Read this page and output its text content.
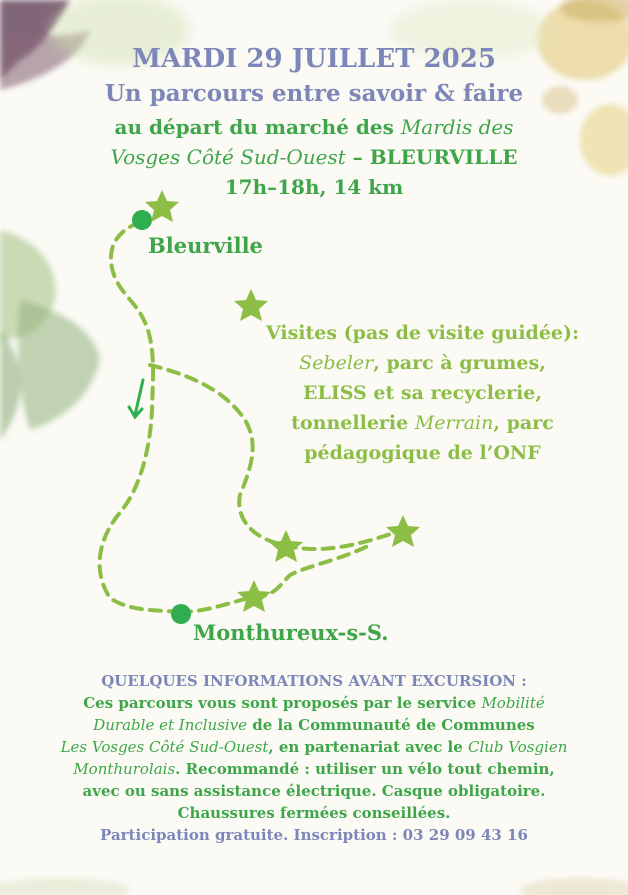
MARDI 29 JUILLET 2025
Un parcours entre savoir & faire
au départ du marché des Mardis des
Vosges Côté Sud-Ouest – BLEURVILLE
17h–18h, 14 km
Bleurville
Monthureux-s-S.
Visites (pas de visite guidée):
Sebeler, parc à grumes,
ELISS et sa recyclerie,
tonnellerie Merrain, parc
pédagogique de l’ONF
QUELQUES INFORMATIONS AVANT EXCURSION :
Ces parcours vous sont proposés par le service Mobilité
Durable et Inclusive de la Communauté de Communes
Les Vosges Côté Sud-Ouest, en partenariat avec le Club Vosgien
Monthurolais. Recommandé : utiliser un vélo tout chemin,
avec ou sans assistance électrique. Casque obligatoire.
Chaussures fermées conseillées.
Participation gratuite. Inscription : 03 29 09 43 16
